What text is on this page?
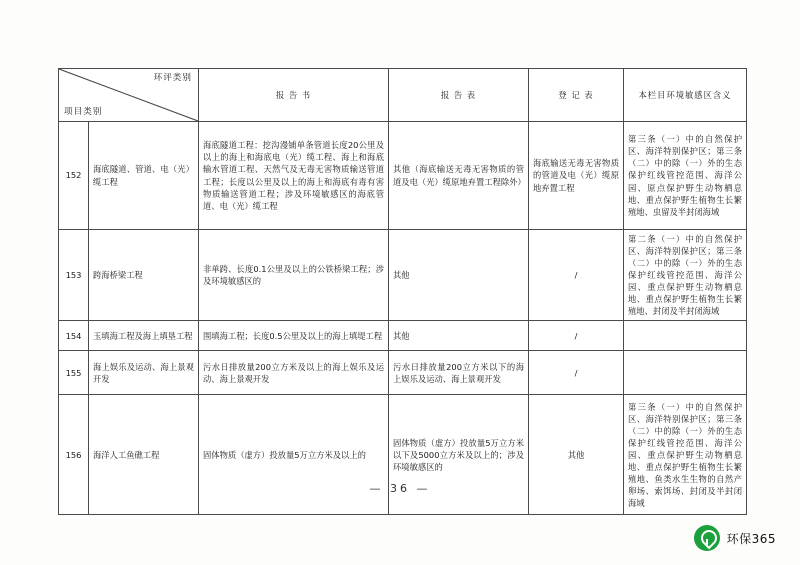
环评类别
项目类别		报 告 书	报 告 表	登 记 表	本栏目环境敏感区含义
152	海底隧道、管道、电（光）缆工程	海底隧道工程：挖沟漫铺单条管道长度20公里及以上的海上和海底电（光）缆工程、海上和海底输水管道工程、天然气及无毒无害物质输送管道工程；长度以公里及以上的海上和海底有毒有害物质输送管道工程；涉及环境敏感区的海底管道、电（光）缆工程	其他（海底输送无毒无害物质的管道及电（光）缆原地弃置工程除外）	海底输送无毒无害物质的管道及电（光）缆原地弃置工程	第三条（一）中的自然保护区、海洋特别保护区；第三条（二）中的除（一）外的生态保护红线管控范围、海洋公园、原点保护野生动物栖息地、重点保护野生植物生长繁殖地、虫留及半封闭海域
153	跨海桥梁工程	非单跨、长度0.1公里及以上的公铁桥梁工程；涉及环境敏感区的	其他	/	第二条（一）中的自然保护区、海洋特别保护区；第三条（二）中的除（一）外的生态保护红线管控范围、海洋公园、重点保护野生动物栖息地、重点保护野生植物生长繁殖地、封闭及半封闭海域
154	玉填海工程及海上填垦工程	围填海工程；长度0.5公里及以上的海上填堤工程	其他	/	
155	海上娱乐及运动、海上景观开发	污水日排放量200立方米及以上的海上娱乐及运动、海上景观开发	污水日排放量200立方米以下的海上娱乐及运动、海上景观开发	/	
156	海洋人工鱼礁工程	固体物质（虚方）投放量5万立方米及以上的	固体物质（虚方）投放量5万立方米以下及5000立方米及以上的；涉及环境敏感区的	其他	第三条（一）中的自然保护区、海洋特别保护区；第三条（二）中的除（一）外的生态保护红线管控范围、海洋公园、重点保护野生动物栖息地、重点保护野生植物生长繁殖地、鱼类水生生物的自然产卵场、索饵场、封闭及半封闭海域
— 36 —
环保365
